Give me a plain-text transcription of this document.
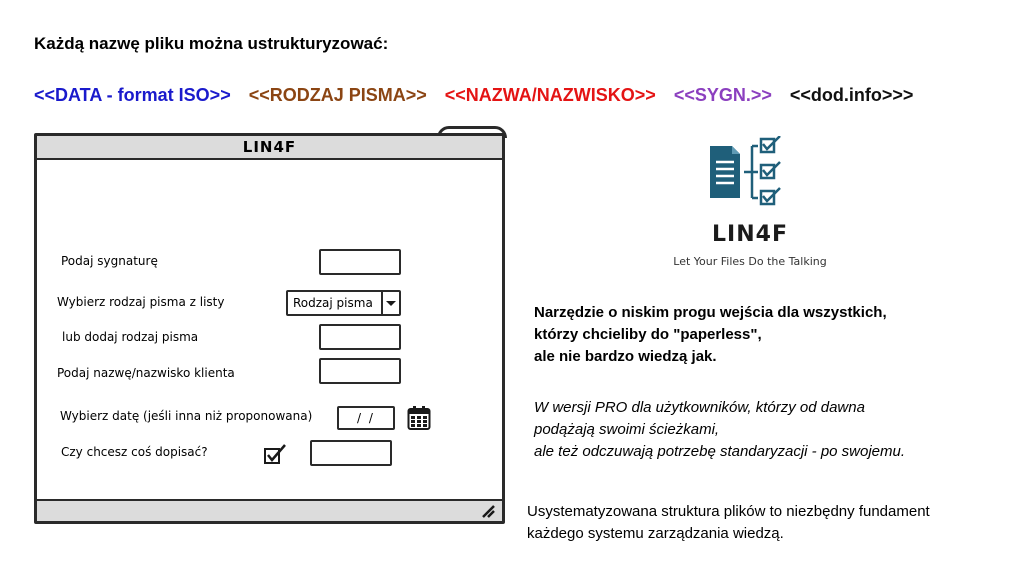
Każdą nazwę pliku można ustrukturyzować:
<<DATA - format ISO>> <<RODZAJ PISMA>> <<NAZWA/NAZWISKO>> <<SYGN.>> <<dod.info>>>
LIN4F
Podaj sygnaturę
Wybierz rodzaj pisma z listy	Rodzaj pisma
lub dodaj rodzaj pisma
Podaj nazwę/nazwisko klienta
Wybierz datę (jeśli inna niż proponowana)	/ /
Czy chcesz coś dopisać?
LIN4F
Let Your Files Do the Talking
Narzędzie o niskim progu wejścia dla wszystkich,
którzy chcieliby do "paperless",
ale nie bardzo wiedzą jak.
W wersji PRO dla użytkowników, którzy od dawna
podążają swoimi ścieżkami,
ale też odczuwają potrzebę standaryzacji - po swojemu.
Usystematyzowana struktura plików to niezbędny fundament
każdego systemu zarządzania wiedzą.
